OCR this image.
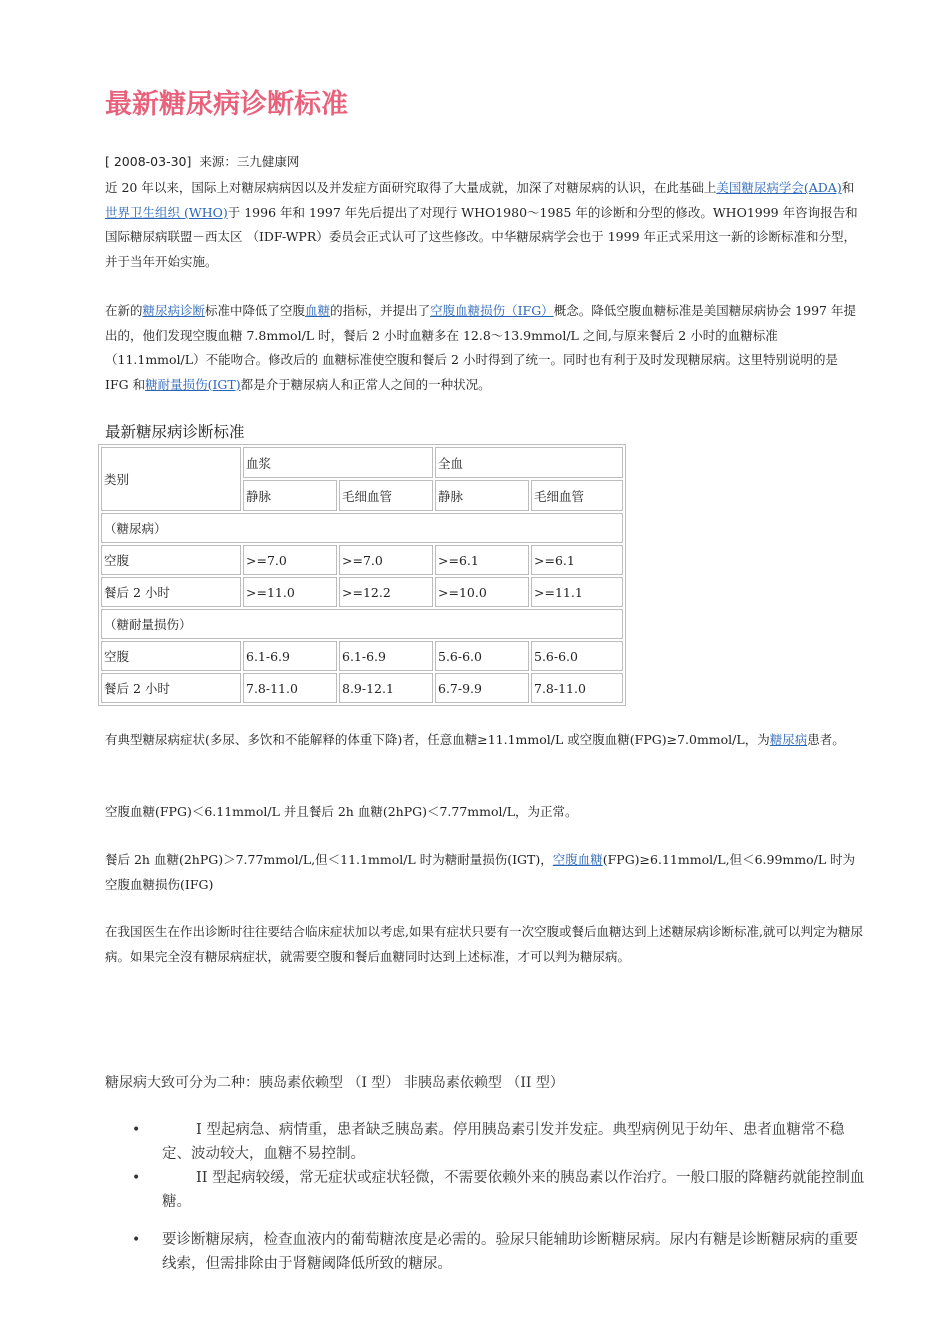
最新糖尿病诊断标准
[ 2008-03-30] 来源：三九健康网

近 20 年以来，国际上对糖尿病病因以及并发症方面研究取得了大量成就，加深了对糖尿病的认识，在此基础上美国糖尿病学会(ADA)和世界卫生组织 (WHO)于 1996 年和 1997 年先后提出了对现行 WHO1980～1985 年的诊断和分型的修改。WHO1999 年咨询报告和国际糖尿病联盟－西太区 （IDF-WPR）委员会正式认可了这些修改。中华糖尿病学会也于 1999 年正式采用这一新的诊断标准和分型，并于当年开始实施。

在新的糖尿病诊断标准中降低了空腹血糖的指标，并提出了空腹血糖损伤（IFG）概念。降低空腹血糖标准是美国糖尿病协会 1997 年提出的，他们发现空腹血糖 7.8mmol/L 时，餐后 2 小时血糖多在 12.8～13.9mmol/L 之间,与原来餐后 2 小时的血糖标准（11.1mmol/L）不能吻合。修改后的 血糖标准使空腹和餐后 2 小时得到了统一。同时也有利于及时发现糖尿病。这里特别说明的是 IFG 和糖耐量损伤(IGT)都是介于糖尿病人和正常人之间的一种状况。

最新糖尿病诊断标准

类别	血浆		全血	
	静脉	毛细血管	静脉	毛细血管
（糖尿病）				
空腹	>=7.0	>=7.0	>=6.1	>=6.1
餐后 2 小时	>=11.0	>=12.2	>=10.0	>=11.1
（糖耐量损伤）				
空腹	6.1-6.9	6.1-6.9	5.6-6.0	5.6-6.0
餐后 2 小时	7.8-11.0	8.9-12.1	6.7-9.9	7.8-11.0

有典型糖尿病症状(多尿、多饮和不能解释的体重下降)者，任意血糖≥11.1mmol/L 或空腹血糖(FPG)≥7.0mmol/L，为糖尿病患者。

空腹血糖(FPG)＜6.11mmol/L 并且餐后 2h 血糖(2hPG)＜7.77mmol/L，为正常。

餐后 2h 血糖(2hPG)＞7.77mmol/L,但＜11.1mmol/L 时为糖耐量损伤(IGT)，空腹血糖(FPG)≥6.11mmol/L,但＜6.99mmo/L 时为空腹血糖损伤(IFG)

在我国医生在作出诊断时往往要结合临床症状加以考虑,如果有症状只要有一次空腹或餐后血糖达到上述糖尿病诊断标准,就可以判定为糖尿病。如果完全沒有糖尿病症状，就需要空腹和餐后血糖同时达到上述标准，才可以判为糖尿病。

糖尿病大致可分为二种：胰岛素依赖型 （I 型） 非胰岛素依赖型 （II 型）

•	I 型起病急、病情重，患者缺乏胰岛素。停用胰岛素引发并发症。典型病例见于幼年、患者血糖常不稳定、波动较大，血糖不易控制。
•	II 型起病较缓，常无症状或症状轻微，不需要依赖外来的胰岛素以作治疗。一般口服的降糖药就能控制血糖。
• 要诊断糖尿病，检查血液内的葡萄糖浓度是必需的。验尿只能辅助诊断糖尿病。尿内有糖是诊断糖尿病的重要线索，但需排除由于肾糖阈降低所致的糖尿。
